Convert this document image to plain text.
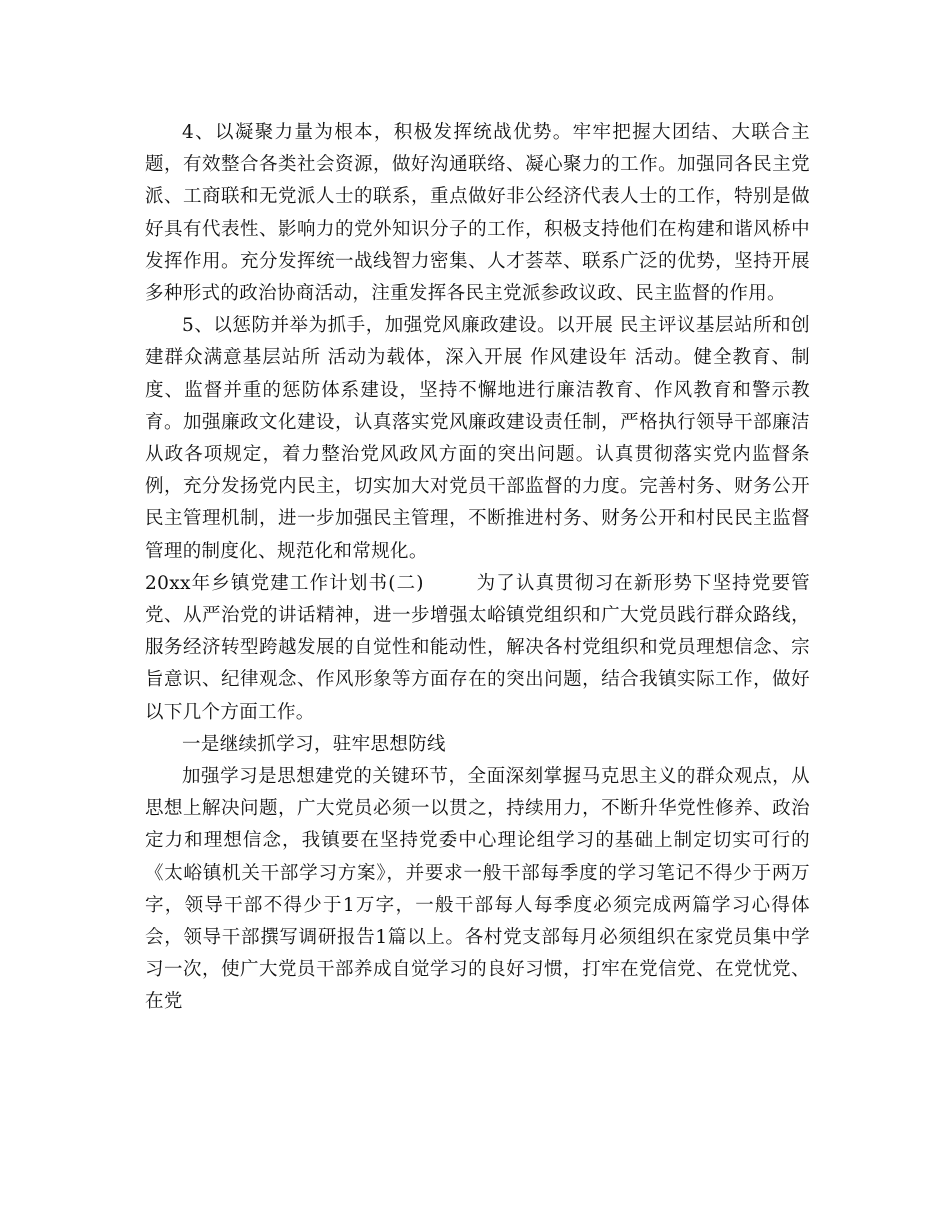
4、以凝聚力量为根本，积极发挥统战优势。牢牢把握大团结、大联合主题，有效整合各类社会资源，做好沟通联络、凝心聚力的工作。加强同各民主党派、工商联和无党派人士的联系，重点做好非公经济代表人士的工作，特别是做好具有代表性、影响力的党外知识分子的工作，积极支持他们在构建和谐风桥中发挥作用。充分发挥统一战线智力密集、人才荟萃、联系广泛的优势，坚持开展多种形式的政治协商活动，注重发挥各民主党派参政议政、民主监督的作用。

5、以惩防并举为抓手，加强党风廉政建设。以开展 民主评议基层站所和创建群众满意基层站所 活动为载体，深入开展 作风建设年 活动。健全教育、制度、监督并重的惩防体系建设，坚持不懈地进行廉洁教育、作风教育和警示教育。加强廉政文化建设，认真落实党风廉政建设责任制，严格执行领导干部廉洁从政各项规定，着力整治党风政风方面的突出问题。认真贯彻落实党内监督条例，充分发扬党内民主，切实加大对党员干部监督的力度。完善村务、财务公开民主管理机制，进一步加强民主管理，不断推进村务、财务公开和村民民主监督管理的制度化、规范化和常规化。

20xx年乡镇党建工作计划书(二)	为了认真贯彻习在新形势下坚持党要管党、从严治党的讲话精神，进一步增强太峪镇党组织和广大党员践行群众路线，服务经济转型跨越发展的自觉性和能动性，解决各村党组织和党员理想信念、宗旨意识、纪律观念、作风形象等方面存在的突出问题，结合我镇实际工作，做好以下几个方面工作。

一是继续抓学习，驻牢思想防线

加强学习是思想建党的关键环节，全面深刻掌握马克思主义的群众观点，从思想上解决问题，广大党员必须一以贯之，持续用力，不断升华党性修养、政治定力和理想信念，我镇要在坚持党委中心理论组学习的基础上制定切实可行的《太峪镇机关干部学习方案》，并要求一般干部每季度的学习笔记不得少于两万字，领导干部不得少于1万字，一般干部每人每季度必须完成两篇学习心得体会，领导干部撰写调研报告1篇以上。各村党支部每月必须组织在家党员集中学习一次，使广大党员干部养成自觉学习的良好习惯，打牢在党信党、在党忧党、在党
